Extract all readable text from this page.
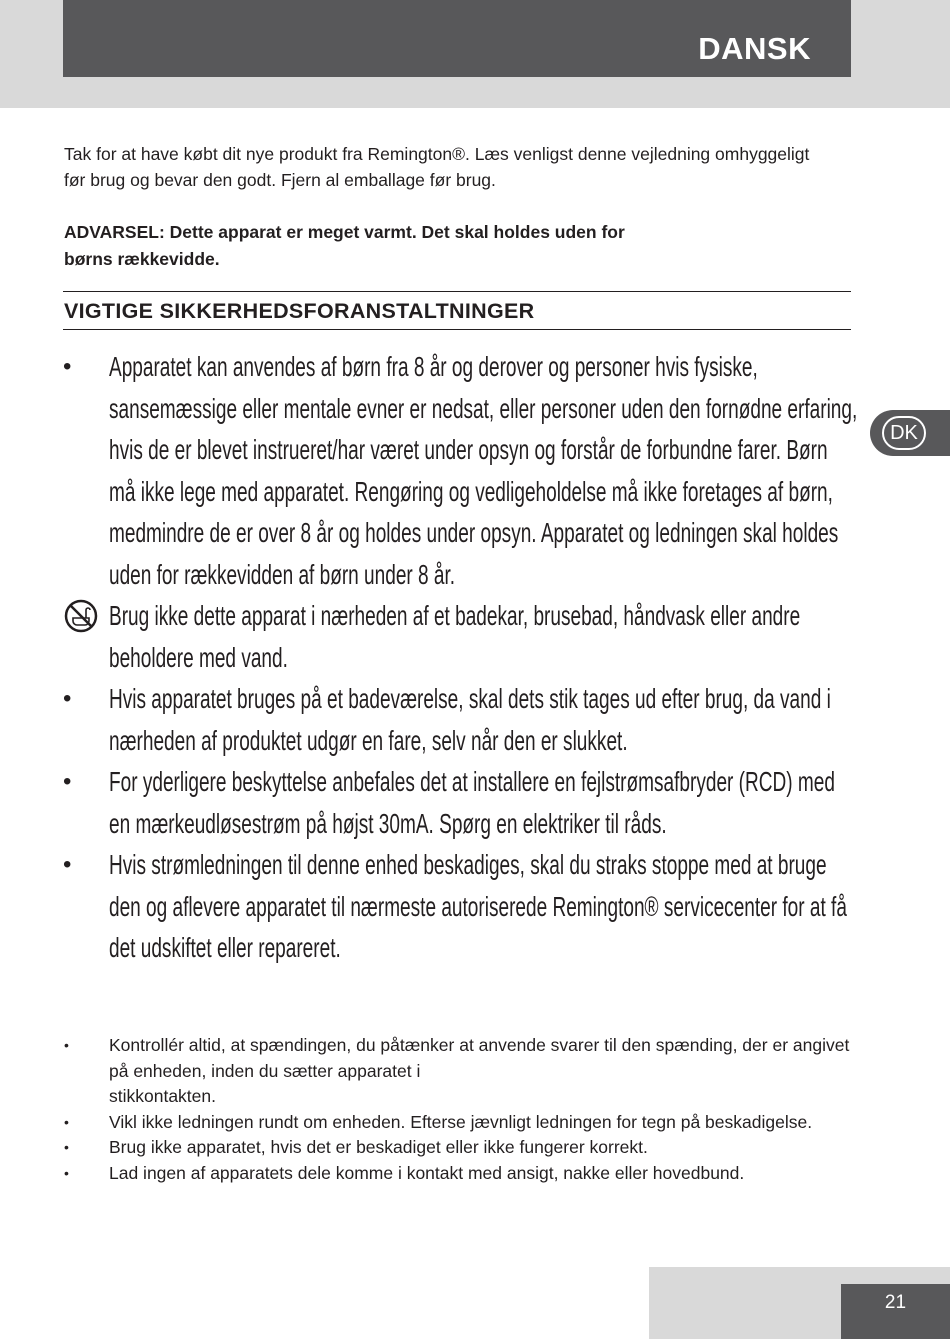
DANSK
DK

Tak for at have købt dit nye produkt fra Remington®. Læs venligst denne vejledning omhyggeligt før brug og bevar den godt. Fjern al emballage før brug.

ADVARSEL: Dette apparat er meget varmt. Det skal holdes uden for
børns rækkevidde.
VIGTIGE SIKKERHEDSFORANSTALTNINGER
•	Apparatet kan anvendes af børn fra 8 år og derover og personer hvis fysiske, sansemæssige eller mentale evner er nedsat, eller personer uden den fornødne erfaring, hvis de er blevet instrueret/har været under opsyn og forstår de forbundne farer. Børn må ikke lege med apparatet. Rengøring og vedligeholdelse må ikke foretages af børn, medmindre de er over 8 år og holdes under opsyn. Apparatet og ledningen skal holdes uden for rækkevidden af børn under 8 år.
Brug ikke dette apparat i nærheden af et badekar, brusebad, håndvask eller andre beholdere med vand.
•	Hvis apparatet bruges på et badeværelse, skal dets stik tages ud efter brug, da vand i nærheden af produktet udgør en fare, selv når den er slukket.
•	For yderligere beskyttelse anbefales det at installere en fejlstrømsafbryder (RCD) med en mærkeudløsestrøm på højst 30mA. Spørg en elektriker til råds.
•	Hvis strømledningen til denne enhed beskadiges, skal du straks stoppe med at bruge den og aflevere apparatet til nærmeste autoriserede Remington® servicecenter for at få det udskiftet eller repareret.
• Kontrollér altid, at spændingen, du påtænker at anvende svarer til den spænding, der er angivet på enheden, inden du sætter apparatet i
stikkontakten.
• Vikl ikke ledningen rundt om enheden. Efterse jævnligt ledningen for tegn på beskadigelse.
• Brug ikke apparatet, hvis det er beskadiget eller ikke fungerer korrekt.
• Lad ingen af apparatets dele komme i kontakt med ansigt, nakke eller hovedbund.
21
